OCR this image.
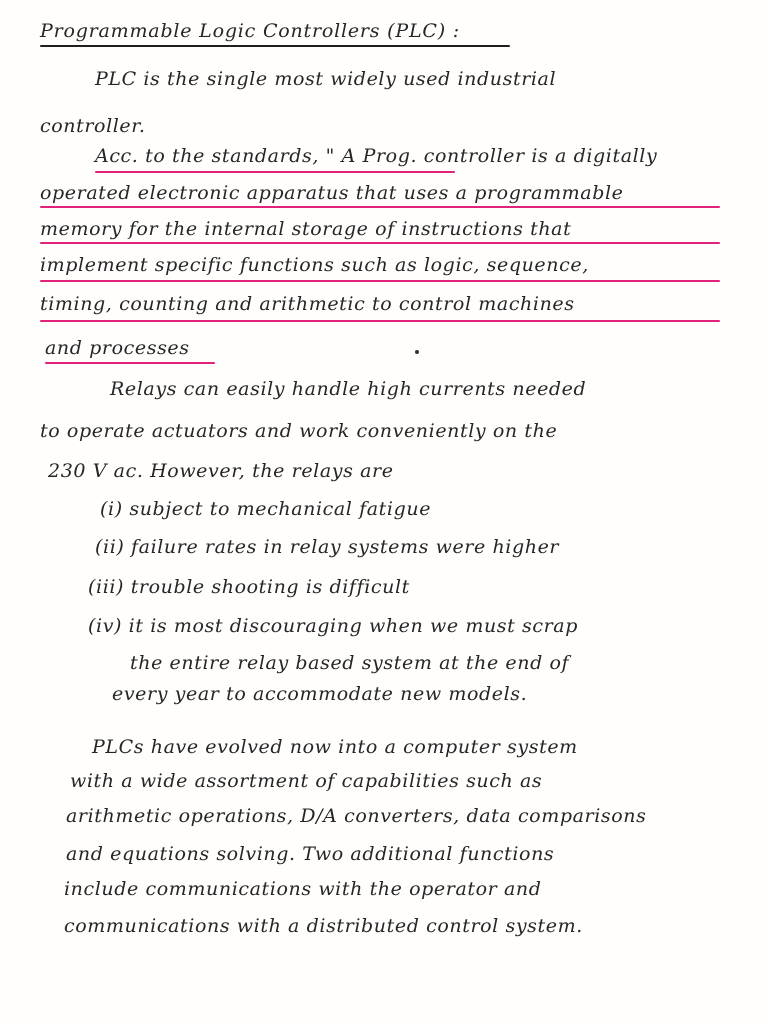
Programmable Logic Controllers (PLC) :
PLC is the single most widely used industrial
controller.
Acc. to the standards, " A Prog. controller is a digitally
operated electronic apparatus that uses a programmable
memory for the internal storage of instructions that
implement specific functions such as logic, sequence,
timing, counting and arithmetic to control machines
and processes
Relays can easily handle high currents needed
to operate actuators and work conveniently on the
230 V ac. However, the relays are
(i) subject to mechanical fatigue
(ii) failure rates in relay systems were higher
(iii) trouble shooting is difficult
(iv) it is most discouraging when we must scrap
the entire relay based system at the end of
every year to accommodate new models.
PLCs have evolved now into a computer system
with a wide assortment of capabilities such as
arithmetic operations, D/A converters, data comparisons
and equations solving. Two additional functions
include communications with the operator and
communications with a distributed control system.
